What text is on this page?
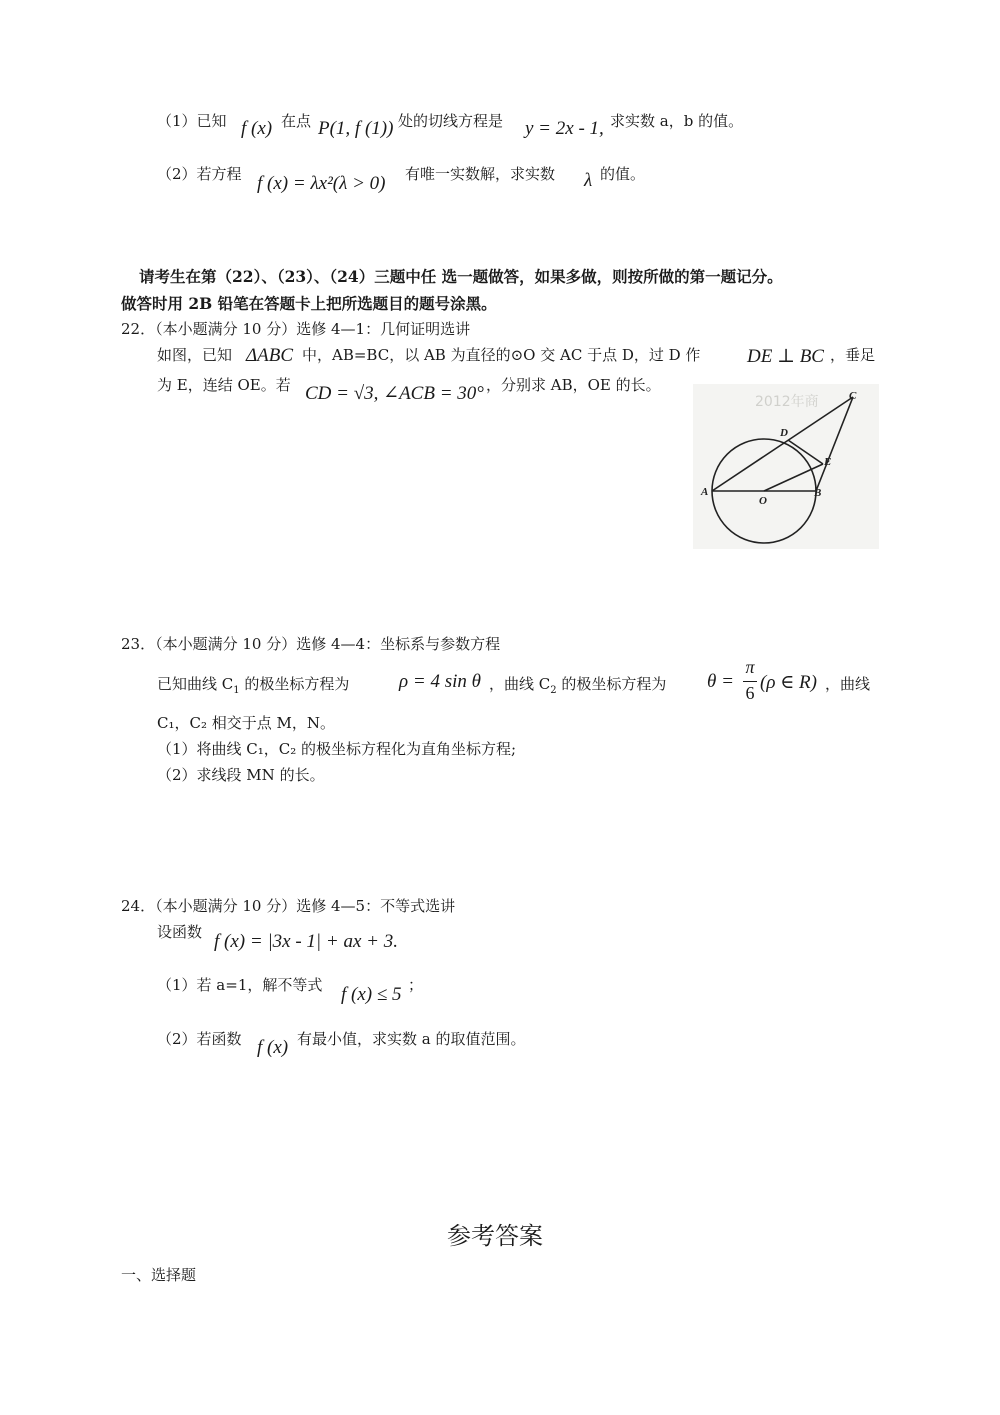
（1）已知 f (x) 在点 P(1, f (1)) 处的切线方程是 y = 2x - 1, 求实数 a，b 的值。
（2）若方程 f (x) = λx²(λ > 0) 有唯一实数解，求实数 λ 的值。
请考生在第（22）、（23）、（24）三题中任 选一题做答，如果多做，则按所做的第一题记分。
做答时用 2B 铅笔在答题卡上把所选题目的题号涂黑。
22．（本小题满分 10 分）选修 4—1：几何证明选讲
如图，已知 ΔABC 中，AB=BC，以 AB 为直径的⊙O 交 AC 于点 D，过 D 作 DE ⊥ BC ，垂足
为 E，连结 OE。若 CD = √3, ∠ACB = 30° ，分别求 AB，OE 的长。
2012年商
A
O
B
C
D
E
23．（本小题满分 10 分）选修 4—4：坐标系与参数方程
已知曲线 $C_1$ 的极坐标方程为	ρ = 4 sin θ ，曲线 $C_2$ 的极坐标方程为 θ =
π
6 (ρ ∈ R) ，曲线
C₁，C₂ 相交于点 M，N。
（1）将曲线 C₁，C₂ 的极坐标方程化为直角坐标方程;
（2）求线段 MN 的长。
24．（本小题满分 10 分）选修 4—5：不等式选讲
设函数 f (x) = |3x - 1| + ax + 3.
（1）若 a=1，解不等式 f (x) ≤ 5 ；
（2）若函数 f (x) 有最小值，求实数 a 的取值范围。
参考答案
一、选择题
